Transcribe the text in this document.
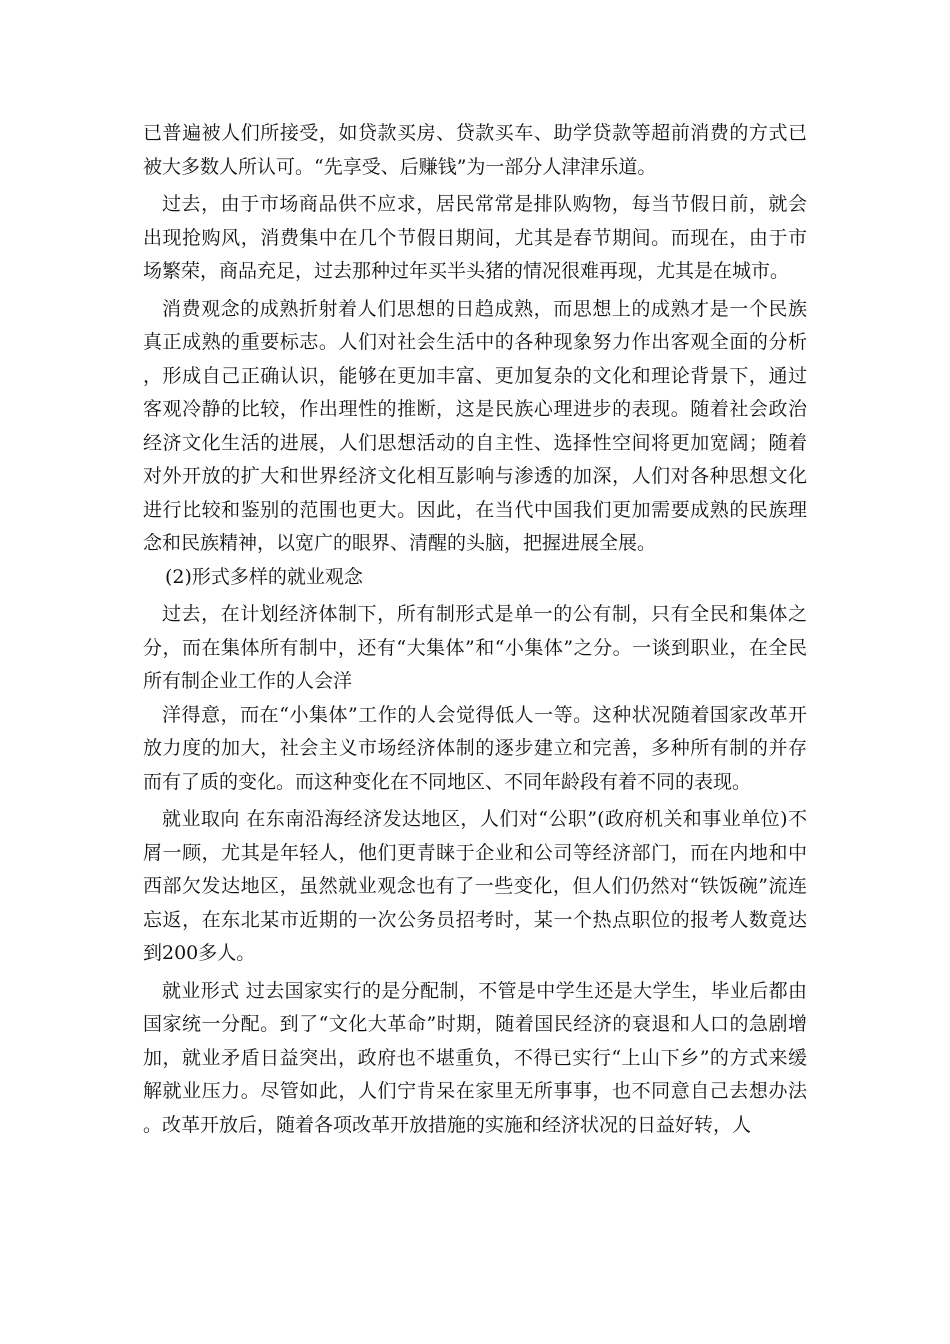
已普遍被人们所接受，如贷款买房、贷款买车、助学贷款等超前消费的方式已被大多数人所认可。“先享受、后赚钱”为一部分人津津乐道。

过去，由于市场商品供不应求，居民常常是排队购物，每当节假日前，就会出现抢购风，消费集中在几个节假日期间，尤其是春节期间。而现在，由于市场繁荣，商品充足，过去那种过年买半头猪的情况很难再现，尤其是在城市。

消费观念的成熟折射着人们思想的日趋成熟，而思想上的成熟才是一个民族真正成熟的重要标志。人们对社会生活中的各种现象努力作出客观全面的分析，形成自己正确认识，能够在更加丰富、更加复杂的文化和理论背景下，通过客观冷静的比较，作出理性的推断，这是民族心理进步的表现。随着社会政治经济文化生活的进展，人们思想活动的自主性、选择性空间将更加宽阔；随着对外开放的扩大和世界经济文化相互影响与渗透的加深，人们对各种思想文化进行比较和鉴别的范围也更大。因此，在当代中国我们更加需要成熟的民族理念和民族精神，以宽广的眼界、清醒的头脑，把握进展全展。

(2)形式多样的就业观念

过去，在计划经济体制下，所有制形式是单一的公有制，只有全民和集体之分，而在集体所有制中，还有“大集体”和“小集体”之分。一谈到职业，在全民所有制企业工作的人会洋

洋得意，而在“小集体”工作的人会觉得低人一等。这种状况随着国家改革开放力度的加大，社会主义市场经济体制的逐步建立和完善，多种所有制的并存而有了质的变化。而这种变化在不同地区、不同年龄段有着不同的表现。

就业取向 在东南沿海经济发达地区，人们对“公职”(政府机关和事业单位)不屑一顾，尤其是年轻人，他们更青睐于企业和公司等经济部门，而在内地和中西部欠发达地区，虽然就业观念也有了一些变化，但人们仍然对“铁饭碗”流连忘返，在东北某市近期的一次公务员招考时，某一个热点职位的报考人数竟达到200多人。

就业形式 过去国家实行的是分配制，不管是中学生还是大学生，毕业后都由国家统一分配。到了“文化大革命”时期，随着国民经济的衰退和人口的急剧增加，就业矛盾日益突出，政府也不堪重负，不得已实行“上山下乡”的方式来缓解就业压力。尽管如此，人们宁肯呆在家里无所事事，也不同意自己去想办法。改革开放后，随着各项改革开放措施的实施和经济状况的日益好转，人
